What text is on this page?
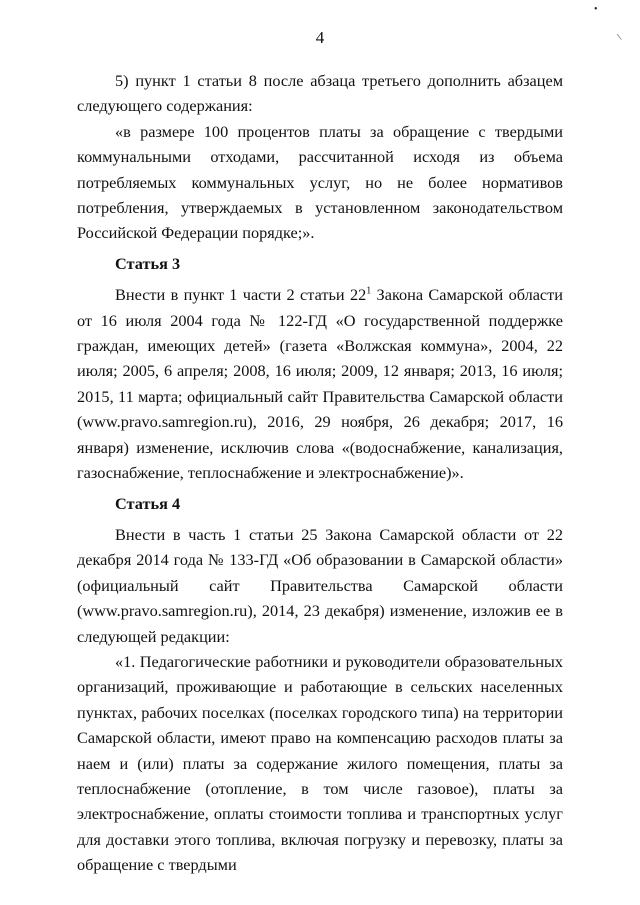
4
•
\

5) пункт 1 статьи 8 после абзаца третьего дополнить абзацем следующего содержания:

«в размере 100 процентов платы за обращение с твердыми коммунальными отходами, рассчитанной исходя из объема потребляемых коммунальных услуг, но не более нормативов потребления, утверждаемых в установленном законодательством Российской Федерации порядке;».

Статья 3

Внести в пункт 1 части 2 статьи $22^1$ Закона Самарской области от 16 июля 2004 года № 122-ГД «О государственной поддержке граждан, имеющих детей» (газета «Волжская коммуна», 2004, 22 июля; 2005, 6 апреля; 2008, 16 июля; 2009, 12 января; 2013, 16 июля; 2015, 11 марта; официальный сайт Правительства Самарской области (www.pravo.samregion.ru), 2016, 29 ноября, 26 декабря; 2017, 16 января) изменение, исключив слова «(водоснабжение, канализация, газоснабжение, теплоснабжение и электроснабжение)».

Статья 4

Внести в часть 1 статьи 25 Закона Самарской области от 22 декабря 2014 года № 133-ГД «Об образовании в Самарской области» (официальный сайт Правительства Самарской области (www.pravo.samregion.ru), 2014, 23 декабря) изменение, изложив ее в следующей редакции:

«1. Педагогические работники и руководители образовательных организаций, проживающие и работающие в сельских населенных пунктах, рабочих поселках (поселках городского типа) на территории Самарской области, имеют право на компенсацию расходов платы за наем и (или) платы за содержание жилого помещения, платы за теплоснабжение (отопление, в том числе газовое), платы за электроснабжение, оплаты стоимости топлива и транспортных услуг для доставки этого топлива, включая погрузку и перевозку, платы за обращение с твердыми
